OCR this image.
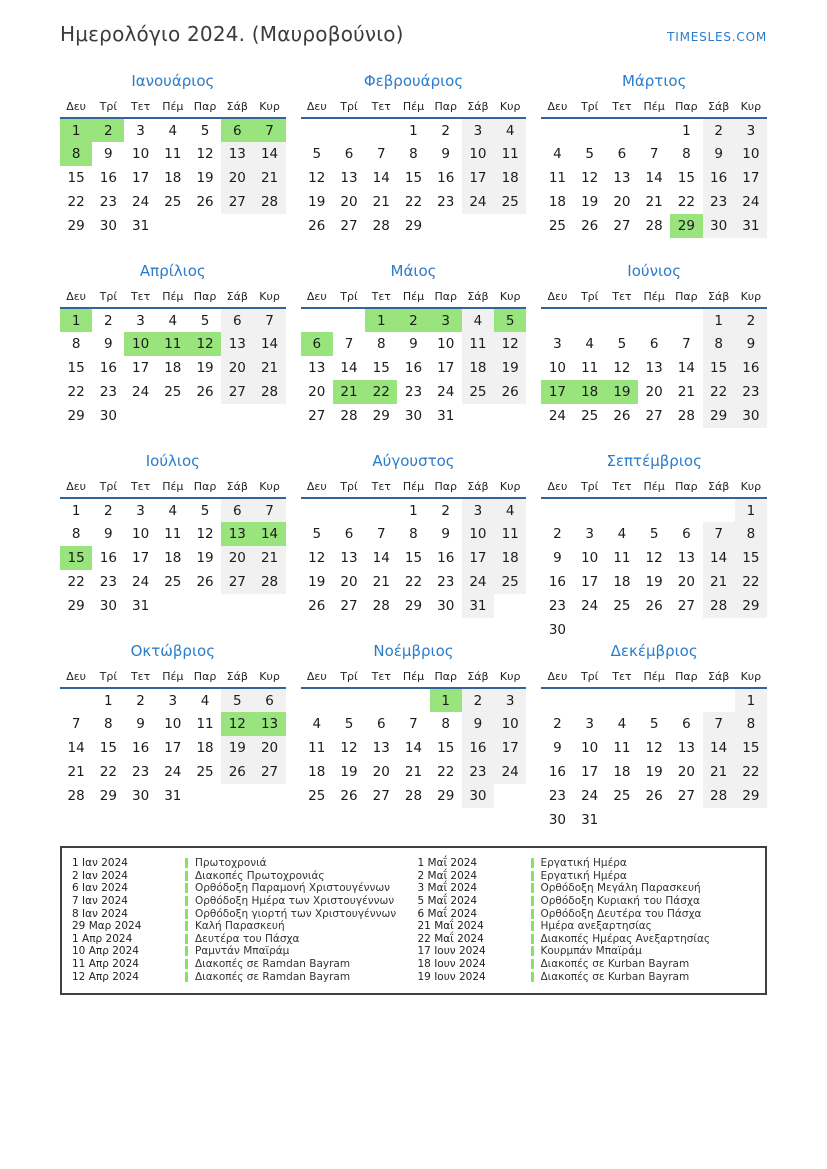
Ημερολόγιο 2024. (Μαυροβούνιο)	TIMESLES.COM
Ιανουάριος
Δευ	Τρί	Τετ	Πέμ	Παρ	Σάβ	Κυρ
1	2	3	4	5	6	7
8	9	10	11	12	13	14
15	16	17	18	19	20	21
22	23	24	25	26	27	28
29	30	31				

Φεβρουάριος
Δευ	Τρί	Τετ	Πέμ	Παρ	Σάβ	Κυρ
			1	2	3	4
5	6	7	8	9	10	11
12	13	14	15	16	17	18
19	20	21	22	23	24	25
26	27	28	29			

Μάρτιος
Δευ	Τρί	Τετ	Πέμ	Παρ	Σάβ	Κυρ
				1	2	3
4	5	6	7	8	9	10
11	12	13	14	15	16	17
18	19	20	21	22	23	24
25	26	27	28	29	30	31

Απρίλιος
Δευ	Τρί	Τετ	Πέμ	Παρ	Σάβ	Κυρ
1	2	3	4	5	6	7
8	9	10	11	12	13	14
15	16	17	18	19	20	21
22	23	24	25	26	27	28
29	30					

Μάιος
Δευ	Τρί	Τετ	Πέμ	Παρ	Σάβ	Κυρ
		1	2	3	4	5
6	7	8	9	10	11	12
13	14	15	16	17	18	19
20	21	22	23	24	25	26
27	28	29	30	31		

Ιούνιος
Δευ	Τρί	Τετ	Πέμ	Παρ	Σάβ	Κυρ
					1	2
3	4	5	6	7	8	9
10	11	12	13	14	15	16
17	18	19	20	21	22	23
24	25	26	27	28	29	30

Ιούλιος
Δευ	Τρί	Τετ	Πέμ	Παρ	Σάβ	Κυρ
1	2	3	4	5	6	7
8	9	10	11	12	13	14
15	16	17	18	19	20	21
22	23	24	25	26	27	28
29	30	31				

Αύγουστος
Δευ	Τρί	Τετ	Πέμ	Παρ	Σάβ	Κυρ
			1	2	3	4
5	6	7	8	9	10	11
12	13	14	15	16	17	18
19	20	21	22	23	24	25
26	27	28	29	30	31	

Σεπτέμβριος
Δευ	Τρί	Τετ	Πέμ	Παρ	Σάβ	Κυρ
						1
2	3	4	5	6	7	8
9	10	11	12	13	14	15
16	17	18	19	20	21	22
23	24	25	26	27	28	29
30						
Οκτώβριος
Δευ	Τρί	Τετ	Πέμ	Παρ	Σάβ	Κυρ
	1	2	3	4	5	6
7	8	9	10	11	12	13
14	15	16	17	18	19	20
21	22	23	24	25	26	27
28	29	30	31			

Νοέμβριος
Δευ	Τρί	Τετ	Πέμ	Παρ	Σάβ	Κυρ
				1	2	3
4	5	6	7	8	9	10
11	12	13	14	15	16	17
18	19	20	21	22	23	24
25	26	27	28	29	30	

Δεκέμβριος
Δευ	Τρί	Τετ	Πέμ	Παρ	Σάβ	Κυρ
						1
2	3	4	5	6	7	8
9	10	11	12	13	14	15
16	17	18	19	20	21	22
23	24	25	26	27	28	29
30	31					
1 Ιαν 2024	Πρωτοχρονιά
2 Ιαν 2024	Διακοπές Πρωτοχρονιάς
6 Ιαν 2024	Ορθόδοξη Παραμονή Χριστουγέννων
7 Ιαν 2024	Ορθόδοξη Ημέρα των Χριστουγέννων
8 Ιαν 2024	Ορθόδοξη γιορτή των Χριστουγέννων
29 Μαρ 2024	Καλή Παρασκευή
1 Απρ 2024	Δευτέρα του Πάσχα
10 Απρ 2024	Ραμντάν Μπαϊράμ
11 Απρ 2024	Διακοπές σε Ramdan Bayram
12 Απρ 2024	Διακοπές σε Ramdan Bayram
1 Μαΐ 2024	Εργατική Ημέρα
2 Μαΐ 2024	Εργατική Ημέρα
3 Μαΐ 2024	Ορθόδοξη Μεγάλη Παρασκευή
5 Μαΐ 2024	Ορθόδοξη Κυριακή του Πάσχα
6 Μαΐ 2024	Ορθόδοξη Δευτέρα του Πάσχα
21 Μαΐ 2024	Ημέρα ανεξαρτησίας
22 Μαΐ 2024	Διακοπές Ημέρας Ανεξαρτησίας
17 Ιουν 2024	Κουρμπάν Μπαϊράμ
18 Ιουν 2024	Διακοπές σε Kurban Bayram
19 Ιουν 2024	Διακοπές σε Kurban Bayram
